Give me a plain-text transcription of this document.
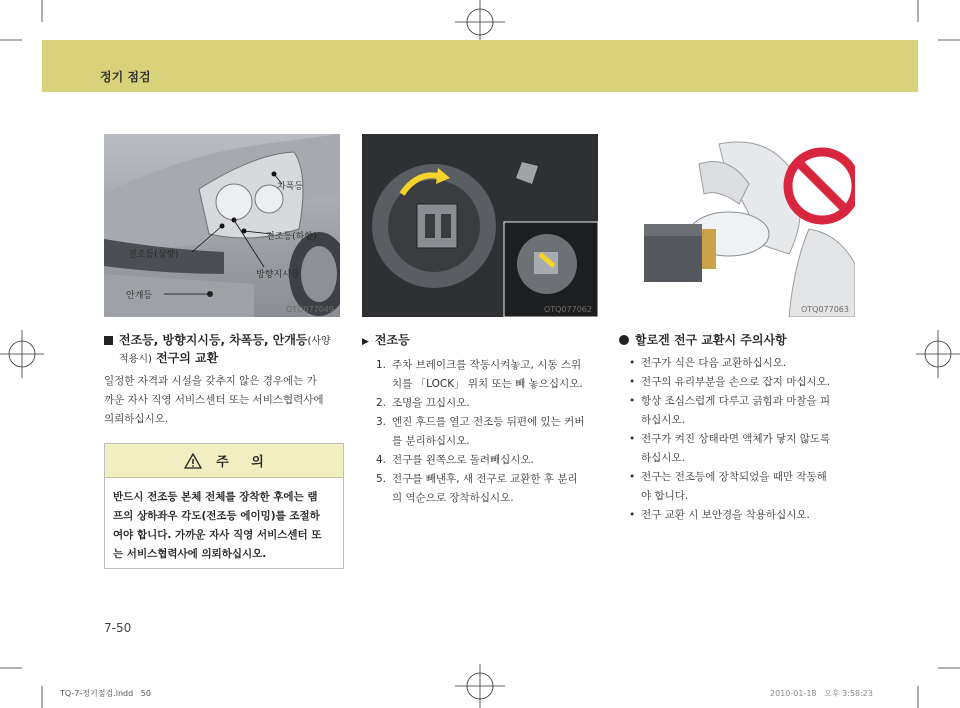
정기 점검
차폭등
전조등(하향)
전조등(상향)
방향지시등
안개등
OTQ077049	OTQ077062	OTQ077063
전조등, 방향지시등, 차폭등, 안개등(사양
적용시) 전구의 교환
일정한 자격과 시설을 갖추지 않은 경우에는 가
까운 자사 직영 서비스센터 또는 서비스협력사에
의뢰하십시오.
주     의
반드시 전조등 본체 전체를 장착한 후에는 램
프의 상하좌우 각도(전조등 에이밍)를 조절하
여야 합니다. 가까운 자사 직영 서비스센터 또
는 서비스협력사에 의뢰하십시오.
▶ 전조등
1. 주차 브레이크를 작동시켜놓고, 시동 스위
치를 「LOCK」 위치 또는 빼 놓으십시오.
2. 조명을 끄십시오.
3. 엔진 후드를 열고 전조등 뒤편에 있는 커버
를 분리하십시오.
4. 전구를 왼쪽으로 돌려빼십시오.
5. 전구를 빼낸후, 새 전구로 교환한 후 분리
의 역순으로 장착하십시오.
할로겐 전구 교환시 주의사항
• 전구가 식은 다음 교환하십시오.
• 전구의 유리부분을 손으로 잡지 마십시오.
• 항상 조심스럽게 다루고 긁힘과 마찰을 피
하십시오.
• 전구가 켜진 상태라면 액체가 닿지 않도록
하십시오.
• 전구는 전조등에 장착되었을 때만 작동해
야 합니다.
• 전구 교환 시 보안경을 착용하십시오.
7-50
TQ-7-정기점검.indd   50	2010-01-18   오후 3:58:23
